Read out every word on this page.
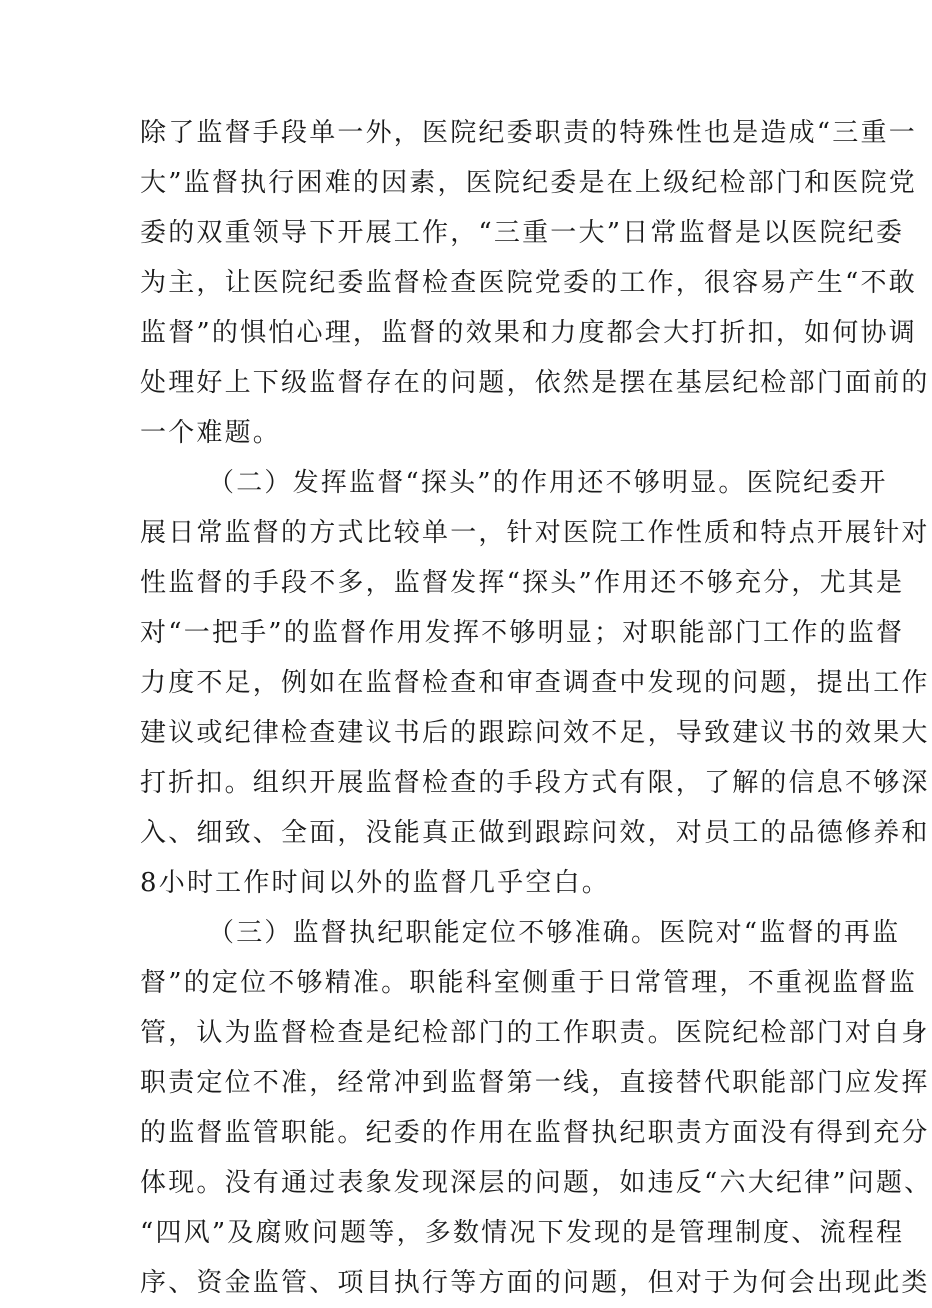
除了监督手段单一外，医院纪委职责的特殊性也是造成“三重一
大”监督执行困难的因素，医院纪委是在上级纪检部门和医院党
委的双重领导下开展工作，“三重一大”日常监督是以医院纪委
为主，让医院纪委监督检查医院党委的工作，很容易产生“不敢
监督”的惧怕心理，监督的效果和力度都会大打折扣，如何协调
处理好上下级监督存在的问题，依然是摆在基层纪检部门面前的
一个难题。
（二）发挥监督“探头”的作用还不够明显。医院纪委开
展日常监督的方式比较单一，针对医院工作性质和特点开展针对
性监督的手段不多，监督发挥“探头”作用还不够充分，尤其是
对“一把手”的监督作用发挥不够明显；对职能部门工作的监督
力度不足，例如在监督检查和审查调查中发现的问题，提出工作
建议或纪律检查建议书后的跟踪问效不足，导致建议书的效果大
打折扣。组织开展监督检查的手段方式有限，了解的信息不够深
入、细致、全面，没能真正做到跟踪问效，对员工的品德修养和
8小时工作时间以外的监督几乎空白。
（三）监督执纪职能定位不够准确。医院对“监督的再监
督”的定位不够精准。职能科室侧重于日常管理，不重视监督监
管，认为监督检查是纪检部门的工作职责。医院纪检部门对自身
职责定位不准，经常冲到监督第一线，直接替代职能部门应发挥
的监督监管职能。纪委的作用在监督执纪职责方面没有得到充分
体现。没有通过表象发现深层的问题，如违反“六大纪律”问题、
“四风”及腐败问题等，多数情况下发现的是管理制度、流程程
序、资金监管、项目执行等方面的问题，但对于为何会出现此类
